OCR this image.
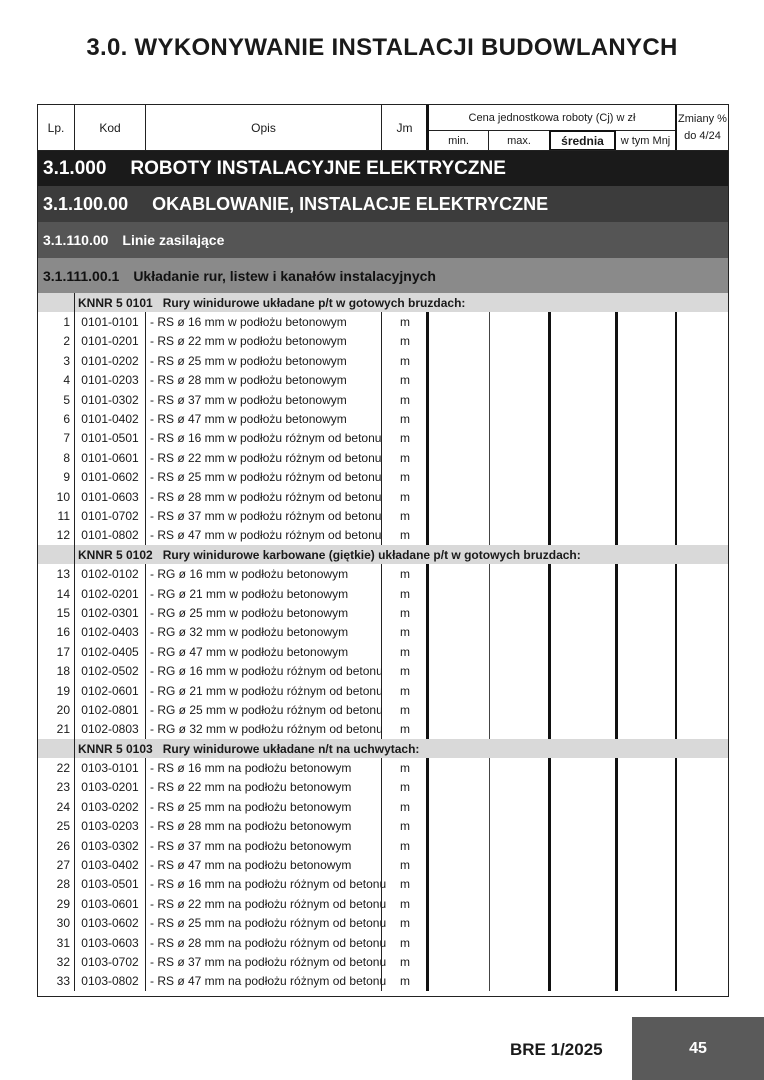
3.0. WYKONYWANIE INSTALACJI BUDOWLANYCH
Lp.	Kod	Opis	Jm
Cena jednostkowa roboty (Cj) w zł
min.	max.	średnia	w tym Mnj
Zmiany %
do 4/24
3.1.000 ROBOTY INSTALACYJNE ELEKTRYCZNE
3.1.100.00 OKABLOWANIE, INSTALACJE ELEKTRYCZNE
3.1.110.00 Linie zasilające
3.1.111.00.1 Układanie rur, listew i kanałów instalacyjnych
KNNR 5 0101 Rury winidurowe układane p/t w gotowych bruzdach:
1 0101-0101 - RS ø 16 mm w podłożu betonowym	m
2 0101-0201 - RS ø 22 mm w podłożu betonowym	m
3 0101-0202 - RS ø 25 mm w podłożu betonowym	m
4 0101-0203 - RS ø 28 mm w podłożu betonowym	m
5 0101-0302 - RS ø 37 mm w podłożu betonowym	m
6 0101-0402 - RS ø 47 mm w podłożu betonowym	m
7 0101-0501 - RS ø 16 mm w podłożu różnym od betonu	m
8 0101-0601 - RS ø 22 mm w podłożu różnym od betonu	m
9 0101-0602 - RS ø 25 mm w podłożu różnym od betonu	m
10 0101-0603 - RS ø 28 mm w podłożu różnym od betonu	m
11 0101-0702 - RS ø 37 mm w podłożu różnym od betonu	m
12 0101-0802 - RS ø 47 mm w podłożu różnym od betonu	m
KNNR 5 0102 Rury winidurowe karbowane (giętkie) układane p/t w gotowych bruzdach:
13 0102-0102 - RG ø 16 mm w podłożu betonowym	m
14 0102-0201 - RG ø 21 mm w podłożu betonowym	m
15 0102-0301 - RG ø 25 mm w podłożu betonowym	m
16 0102-0403 - RG ø 32 mm w podłożu betonowym	m
17 0102-0405 - RG ø 47 mm w podłożu betonowym	m
18 0102-0502 - RG ø 16 mm w podłożu różnym od betonu	m
19 0102-0601 - RG ø 21 mm w podłożu różnym od betonu	m
20 0102-0801 - RG ø 25 mm w podłożu różnym od betonu	m
21 0102-0803 - RG ø 32 mm w podłożu różnym od betonu	m
KNNR 5 0103 Rury winidurowe układane n/t na uchwytach:
22 0103-0101 - RS ø 16 mm na podłożu betonowym	m
23 0103-0201 - RS ø 22 mm na podłożu betonowym	m
24 0103-0202 - RS ø 25 mm na podłożu betonowym	m
25 0103-0203 - RS ø 28 mm na podłożu betonowym	m
26 0103-0302 - RS ø 37 mm na podłożu betonowym	m
27 0103-0402 - RS ø 47 mm na podłożu betonowym	m
28 0103-0501 - RS ø 16 mm na podłożu różnym od betonu	m
29 0103-0601 - RS ø 22 mm na podłożu różnym od betonu	m
30 0103-0602 - RS ø 25 mm na podłożu różnym od betonu	m
31 0103-0603 - RS ø 28 mm na podłożu różnym od betonu	m
32 0103-0702 - RS ø 37 mm na podłożu różnym od betonu	m
33 0103-0802 - RS ø 47 mm na podłożu różnym od betonu	m
BRE 1/2025	45
